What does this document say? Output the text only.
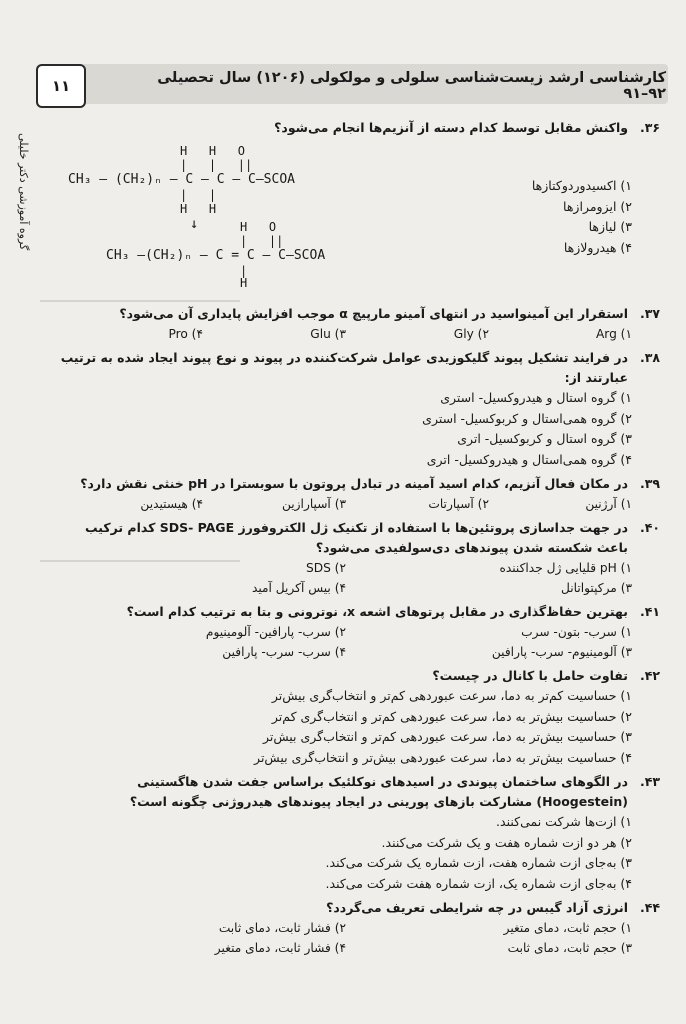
۱۱	کارشناسی ارشد زیست‌شناسی سلولی و مولکولی (۱۲۰۶) سال تحصیلی ۹۲–۹۱
گروه آموزشی دکتر خلیلی	H   H   O
|   |   ||
CH₃ – (CH₂)ₙ – C – C – C–SCOA
|   |
H   H
↓	H   O
|   ||
CH₃ –(CH₂)ₙ – C = C – C–SCOA
|
H
۳۶.
واکنش مقابل توسط کدام دسته از آنزیم‌ها انجام می‌شود؟
۱) اکسیدوردوکتازها
۲) ایزومرازها
۳) لیازها
۴) هیدرولازها
۳۷.
استقرار این آمینواسید در انتهای آمینو مارپیچ α موجب افزایش پایداری آن می‌شود؟
۱) Arg
۲) Gly
۳) Glu
۴) Pro
۳۸.
در فرایند تشکیل پیوند گلیکوزیدی عوامل شرکت‌کننده در پیوند و نوع پیوند ایجاد شده به ترتیب عبارتند از:
۱) گروه استال و هیدروکسیل- استری
۲) گروه همی‌استال و کربوکسیل- استری
۳) گروه استال و کربوکسیل- اتری
۴) گروه همی‌استال و هیدروکسیل- اتری
۳۹.
در مکان فعال آنزیم، کدام اسید آمینه در تبادل پروتون با سوبسترا در pH خنثی نقش دارد؟
۱) آرژنین
۲) آسپارتات
۳) آسپارازین
۴) هیستیدین
۴۰.
در جهت جداسازی پروتئین‌ها با استفاده از تکنیک ژل الکتروفورز SDS- PAGE کدام ترکیب باعث شکسته شدن پیوندهای دی‌سولفیدی می‌شود؟
۱) pH قلیایی ژل جداکننده
۲) SDS
۳) مرکپتواتانل
۴) بیس آکریل آمید
۴۱.
بهترین حفاظ‌گذاری در مقابل پرتوهای اشعه x، نوترونی و بتا به ترتیب کدام است؟
۱) سرب- بتون- سرب
۲) سرب- پارافین- آلومینیوم
۳) آلومینیوم- سرب- پارافین
۴) سرب- سرب- پارافین
۴۲.
تفاوت حامل با کانال در چیست؟
۱) حساسیت کم‌تر به دما، سرعت عبوردهی کم‌تر و انتخاب‌گری بیش‌تر
۲) حساسیت بیش‌تر به دما، سرعت عبوردهی کم‌تر و انتخاب‌گری کم‌تر
۳) حساسیت بیش‌تر به دما، سرعت عبوردهی کم‌تر و انتخاب‌گری بیش‌تر
۴) حساسیت بیش‌تر به دما، سرعت عبوردهی بیش‌تر و انتخاب‌گری بیش‌تر
۴۳.
در الگوهای ساختمان پیوندی در اسیدهای نوکلئیک براساس جفت شدن هاگستینی (Hoogestein) مشارکت بازهای پورینی در ایجاد پیوندهای هیدروژنی چگونه است؟
۱) ازت‌ها شرکت نمی‌کنند.
۲) هر دو ازت شماره هفت و یک شرکت می‌کنند.
۳) به‌جای ازت شماره هفت، ازت شماره یک شرکت می‌کند.
۴) به‌جای ازت شماره یک، ازت شماره هفت شرکت می‌کند.
۴۴.
انرژی آزاد گیبس در چه شرایطی تعریف می‌گردد؟
۱) حجم ثابت، دمای متغیر
۲) فشار ثابت، دمای ثابت
۳) حجم ثابت، دمای ثابت
۴) فشار ثابت، دمای متغیر
